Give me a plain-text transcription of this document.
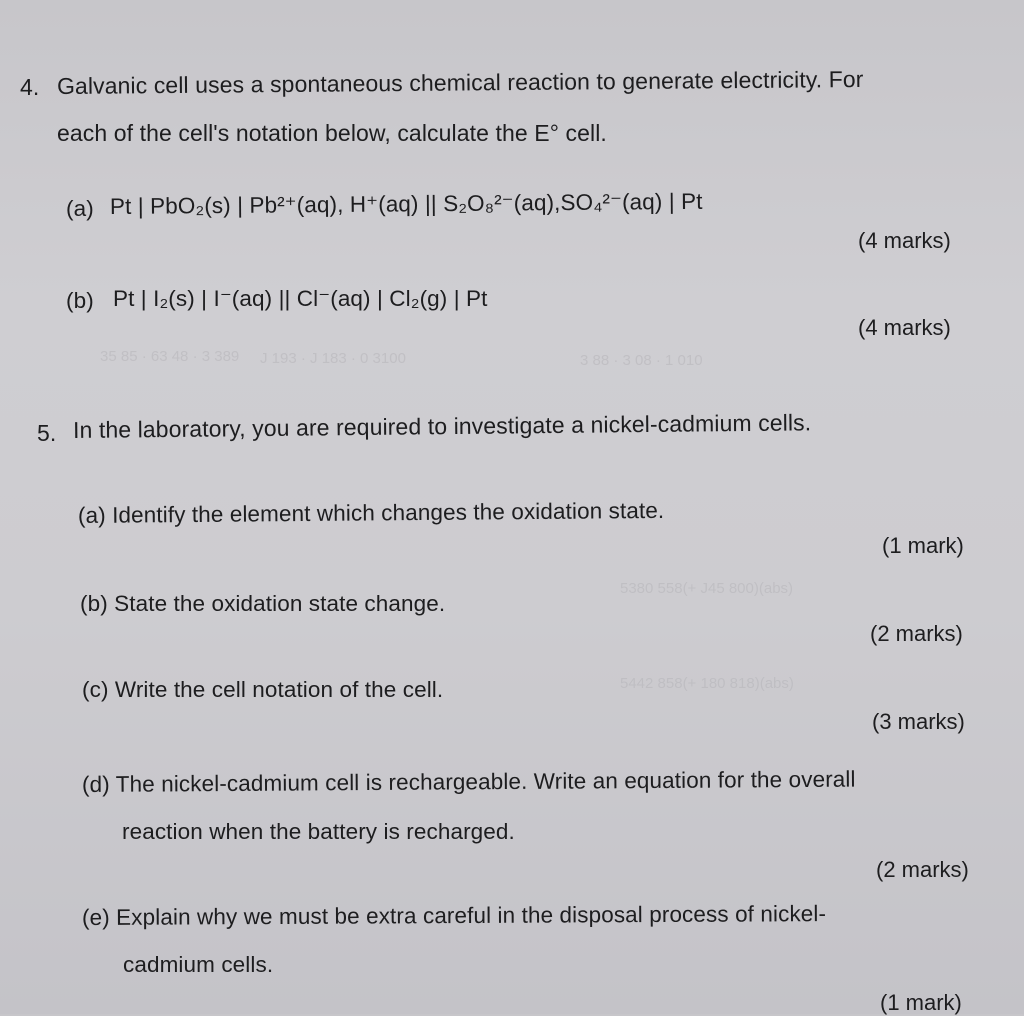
35 85 · 63 48 · 3 389 J 193 · J 183 · 0 3100	3 88 · 3 08 · 1 010
5380 558(+ J45 800)(abs)
5442 858(+ 180 818)(abs)
4. Galvanic cell uses a spontaneous chemical reaction to generate electricity. For
each of the cell's notation below, calculate the E° cell.
(a) Pt | PbO₂(s) | Pb²⁺(aq), H⁺(aq) || S₂O₈²⁻(aq),SO₄²⁻(aq) | Pt
(4 marks)
(b) Pt | I₂(s) | I⁻(aq) || Cl⁻(aq) | Cl₂(g) | Pt
(4 marks)
5. In the laboratory, you are required to investigate a nickel-cadmium cells.
(a) Identify the element which changes the oxidation state.
(1 mark)
(b) State the oxidation state change.
(2 marks)
(c) Write the cell notation of the cell.
(3 marks)
(d) The nickel-cadmium cell is rechargeable. Write an equation for the overall
reaction when the battery is recharged.
(2 marks)
(e) Explain why we must be extra careful in the disposal process of nickel-
cadmium cells.
(1 mark)
